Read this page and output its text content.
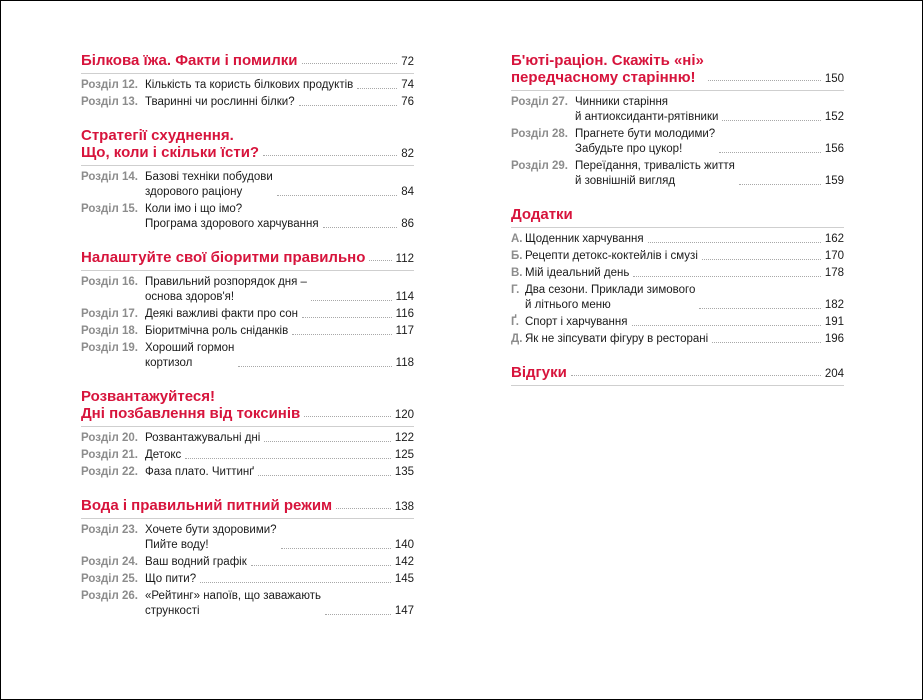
Білкова їжа. Факти і помилки	72
Розділ 12. Кількість та користь білкових продуктів	74
Розділ 13. Тваринні чи рослинні білки?	76
Стратегії схуднення.
Що, коли і скільки їсти?	82
Розділ 14. Базові техніки побудови
здорового раціону	84
Розділ 15. Коли імо і що імо?
Програма здорового харчування	86
Налаштуйте свої біоритми правильно	112
Розділ 16. Правильний розпорядок дня –
основа здоров'я!	114
Розділ 17. Деякі важливі факти про сон	116
Розділ 18. Біоритмічна роль сніданків	117
Розділ 19. Хороший гормон
кортизол	118
Розвантажуйтеся!
Дні позбавлення від токсинів	120
Розділ 20. Розвантажувальні дні	122
Розділ 21. Детокс	125
Розділ 22. Фаза плато. Читтинґ	135
Вода і правильний питний режим	138
Розділ 23. Хочете бути здоровими?
Пийте воду!	140
Розділ 24. Ваш водний графік	142
Розділ 25. Що пити?	145
Розділ 26. «Рейтинг» напоїв, що заважають
стрункості	147
Б'юті-раціон. Скажіть «ні»
передчасному старінню!	150
Розділ 27. Чинники старіння
й антиоксиданти-рятівники	152
Розділ 28. Прагнете бути молодими?
Забудьте про цукор!	156
Розділ 29. Переїдання, тривалість життя
й зовнішній вигляд	159
Додатки
А. Щоденник харчування	162
Б. Рецепти детокс-коктейлів і смузі	170
В. Мій ідеальний день	178
Г. Два сезони. Приклади зимового
й літнього меню	182
Ґ. Спорт і харчування	191
Д. Як не зіпсувати фігуру в ресторані	196
Відгуки	204
